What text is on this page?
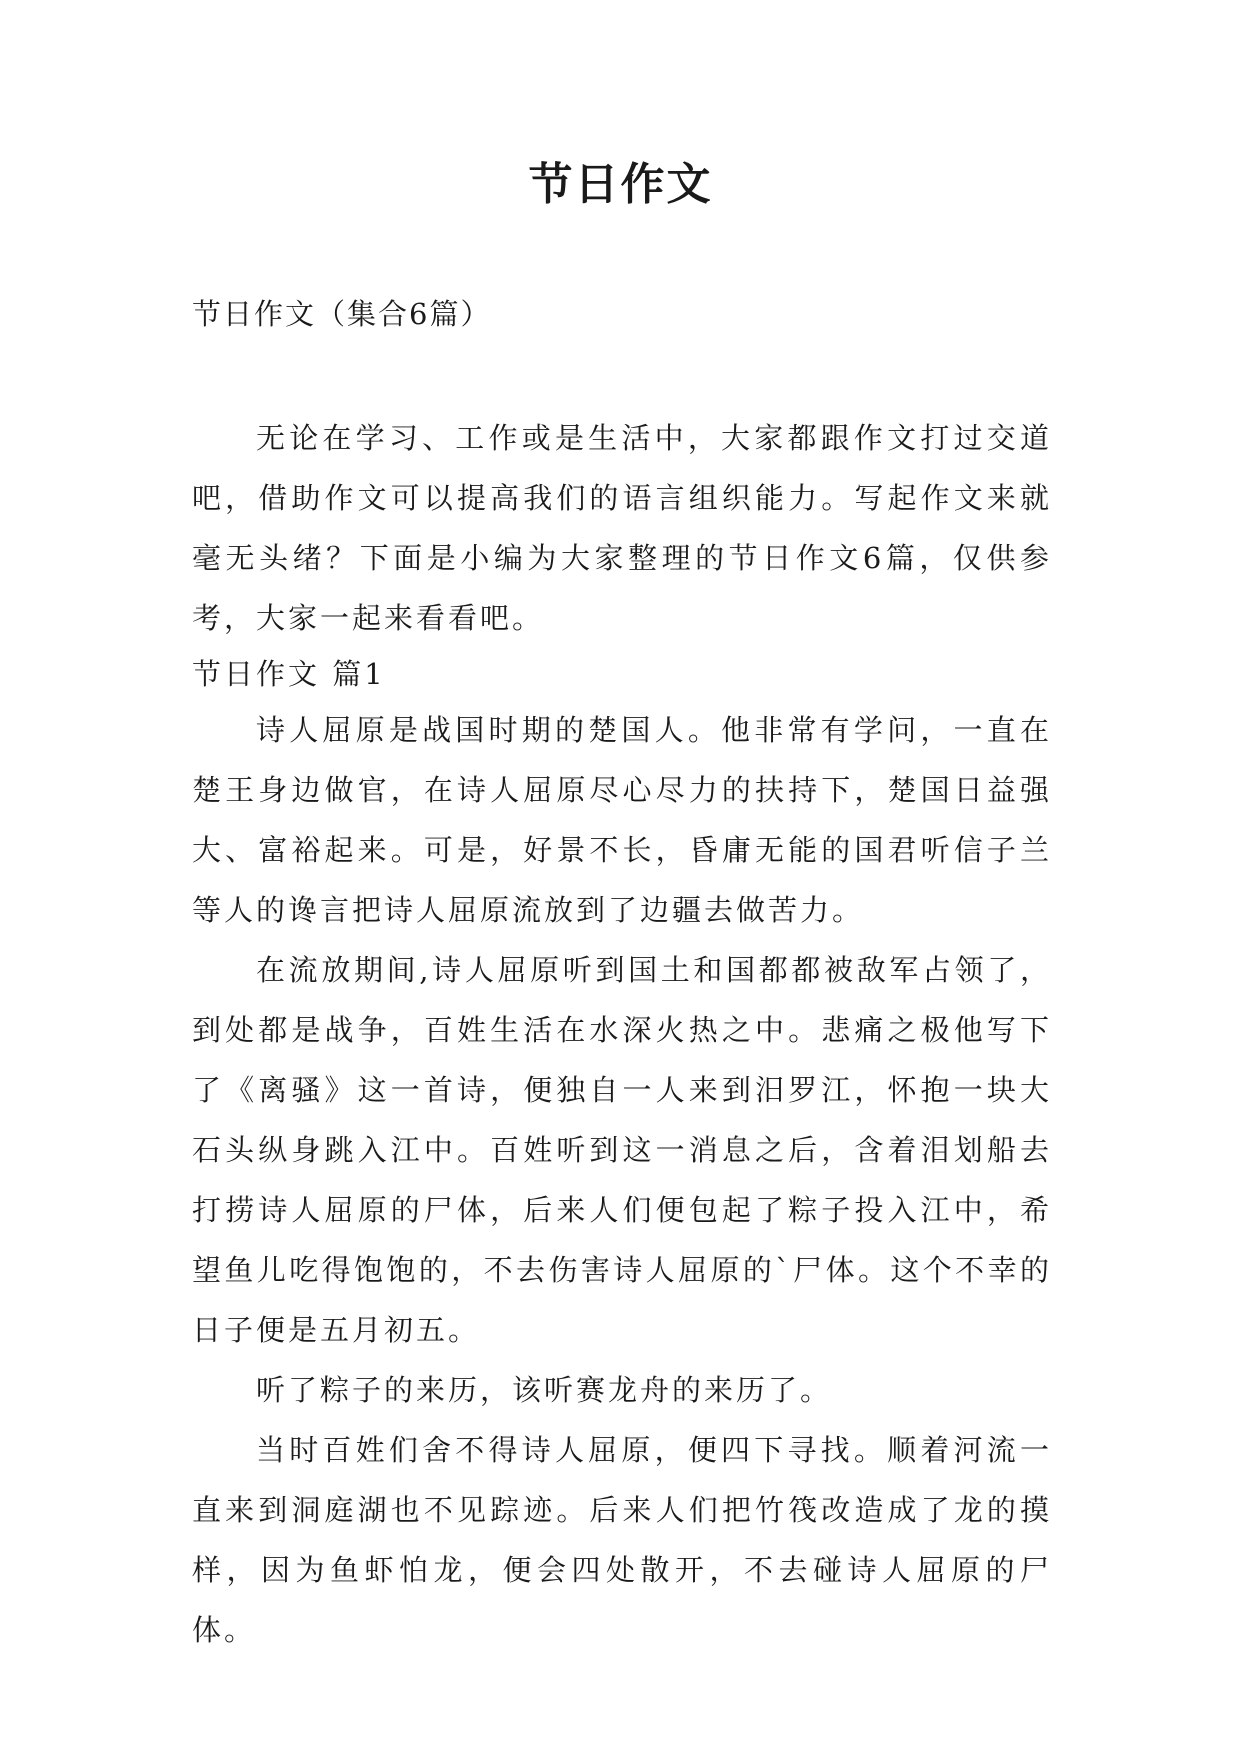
节日作文
节日作文（集合6篇）

无论在学习、工作或是生活中，大家都跟作文打过交道吧，借助作文可以提高我们的语言组织能力。写起作文来就毫无头绪？下面是小编为大家整理的节日作文6篇，仅供参考，大家一起来看看吧。

节日作文 篇1

诗人屈原是战国时期的楚国人。他非常有学问，一直在楚王身边做官，在诗人屈原尽心尽力的扶持下，楚国日益强大、富裕起来。可是，好景不长，昏庸无能的国君听信子兰等人的谗言把诗人屈原流放到了边疆去做苦力。

在流放期间,诗人屈原听到国土和国都都被敌军占领了，到处都是战争，百姓生活在水深火热之中。悲痛之极他写下了《离骚》这一首诗，便独自一人来到汨罗江，怀抱一块大石头纵身跳入江中。百姓听到这一消息之后，含着泪划船去打捞诗人屈原的尸体，后来人们便包起了粽子投入江中，希望鱼儿吃得饱饱的，不去伤害诗人屈原的`尸体。这个不幸的日子便是五月初五。

听了粽子的来历，该听赛龙舟的来历了。

当时百姓们舍不得诗人屈原，便四下寻找。顺着河流一直来到洞庭湖也不见踪迹。后来人们把竹筏改造成了龙的摸样，因为鱼虾怕龙，便会四处散开，不去碰诗人屈原的尸体。
